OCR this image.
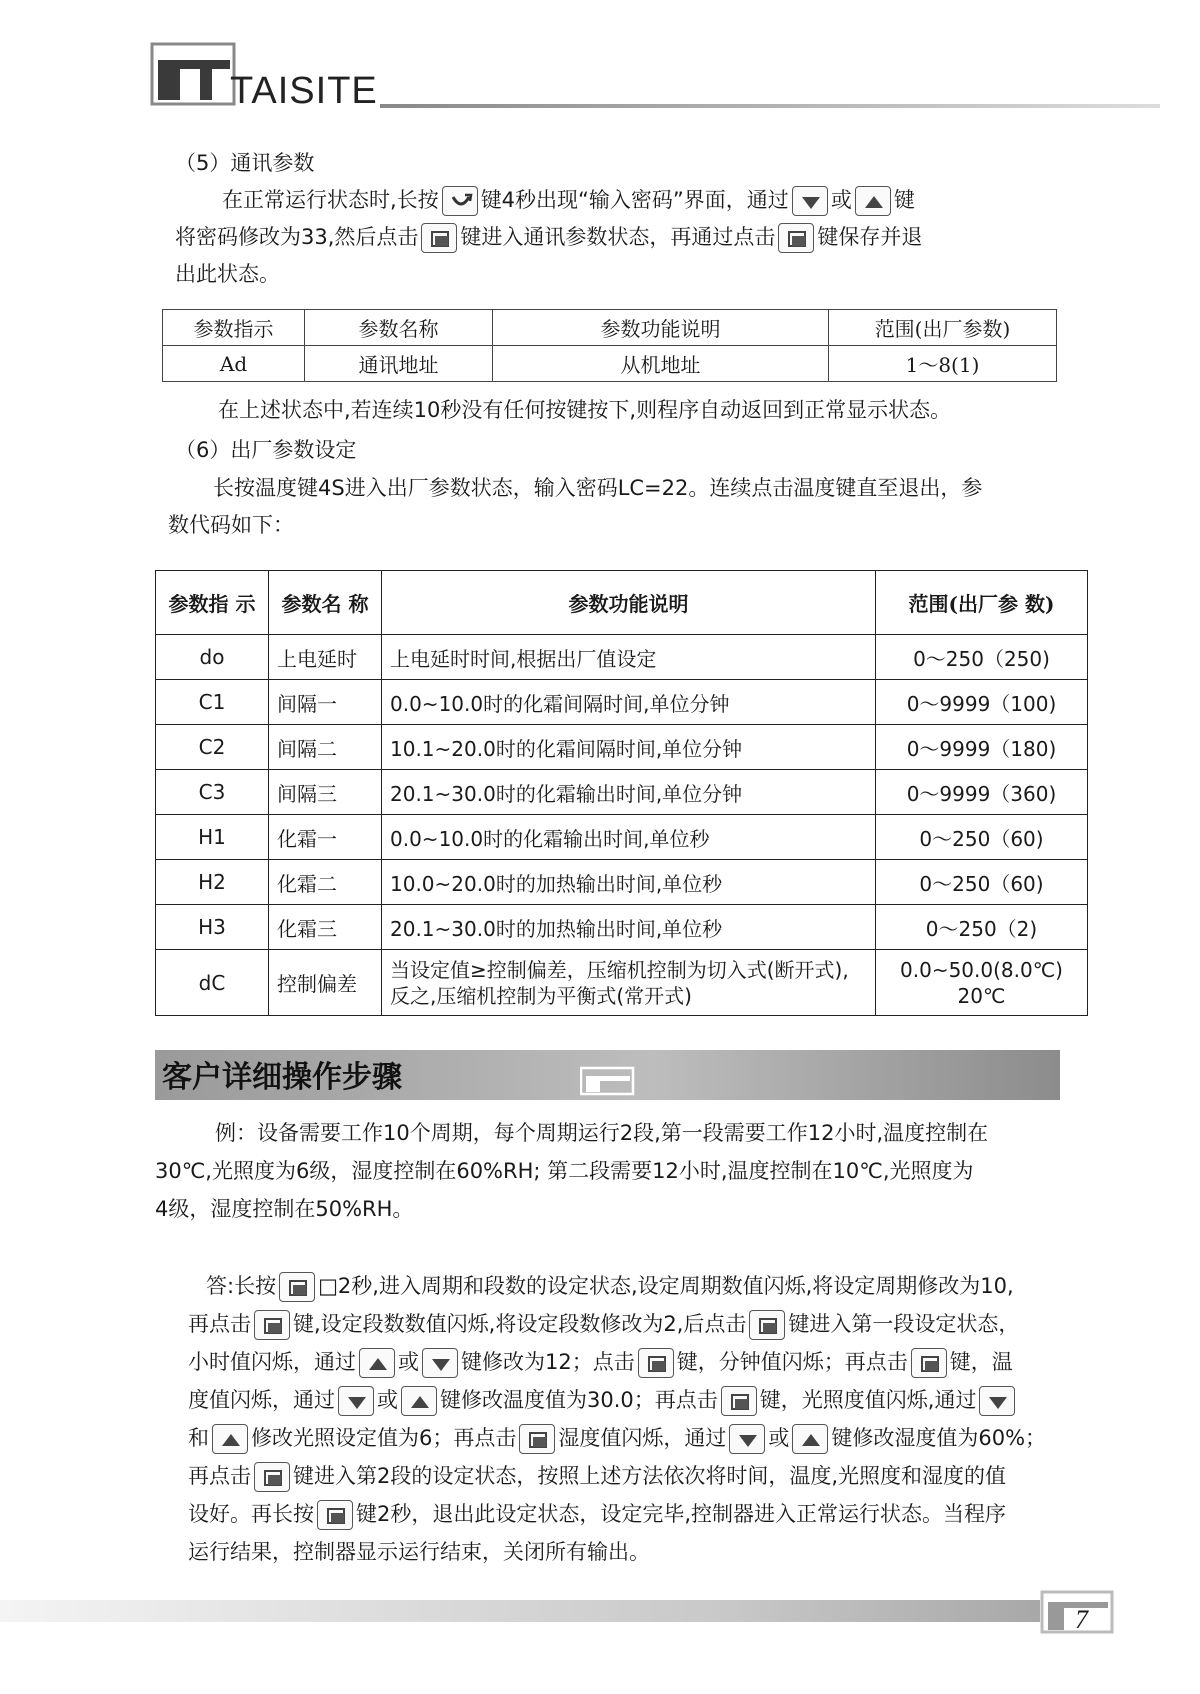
TAISITE
（5）通讯参数
在正常运行状态时,长按 键4秒出现“输入密码”界面，通过 或 键
将密码修改为33,然后点击 键进入通讯参数状态，再通过点击 键保存并退
出此状态。
参数指示	参数名称	参数功能说明	范围(出厂参数)
Ad	通讯地址	从机地址	1～8(1)
在上述状态中,若连续10秒没有任何按键按下,则程序自动返回到正常显示状态。
（6）出厂参数设定
长按温度键4S进入出厂参数状态，输入密码LC=22。连续点击温度键直至退出，参
数代码如下：
参数指 示	参数名 称	参数功能说明	范围(出厂参 数)
do	上电延时	上电延时时间,根据出厂值设定	0～250（250)
C1	间隔一	0.0~10.0时的化霜间隔时间,单位分钟	0～9999（100)
C2	间隔二	10.1~20.0时的化霜间隔时间,单位分钟	0～9999（180)
C3	间隔三	20.1~30.0时的化霜输出时间,单位分钟	0～9999（360)
H1	化霜一	0.0~10.0时的化霜输出时间,单位秒	0～250（60)
H2	化霜二	10.0~20.0时的加热输出时间,单位秒	0～250（60)
H3	化霜三	20.1~30.0时的加热输出时间,单位秒	0～250（2)
dC	控制偏差	当设定值≥控制偏差，压缩机控制为切入式(断开式),反之,压缩机控制为平衡式(常开式)	0.0~50.0(8.0℃) 20℃
客户详细操作步骤
例：设备需要工作10个周期，每个周期运行2段,第一段需要工作12小时,温度控制在
30℃,光照度为6级，湿度控制在60%RH; 第二段需要12小时,温度控制在10℃,光照度为
4级，湿度控制在50%RH。
答:长按 □2秒,进入周期和段数的设定状态,设定周期数值闪烁,将设定周期修改为10,
再点击 键,设定段数数值闪烁,将设定段数修改为2,后点击 键进入第一段设定状态，
小时值闪烁，通过 或 键修改为12；点击 键，分钟值闪烁；再点击 键，温
度值闪烁，通过 或 键修改温度值为30.0；再点击 键，光照度值闪烁,通过
和 修改光照设定值为6；再点击 湿度值闪烁，通过 或 键修改湿度值为60%；
再点击 键进入第2段的设定状态，按照上述方法依次将时间，温度,光照度和湿度的值
设好。再长按 键2秒，退出此设定状态，设定完毕,控制器进入正常运行状态。当程序
运行结果，控制器显示运行结束，关闭所有输出。
7
